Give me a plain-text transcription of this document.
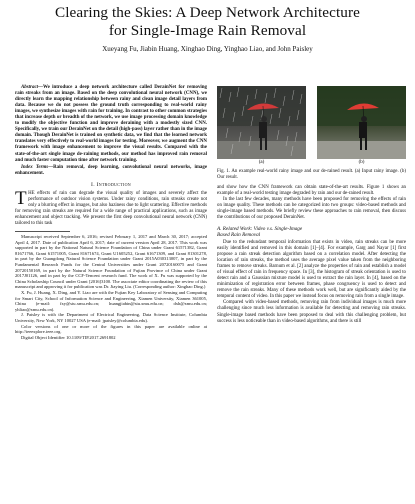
Clearing the Skies: A Deep Network Architecture
for Single-Image Rain Removal
Xueyang Fu, Jiabin Huang, Xinghao Ding, Yinghao Liao, and John Paisley

Abstract—We introduce a deep network architecture called DerainNet for removing rain streaks from an image. Based on the deep convolutional neural network (CNN), we directly learn the mapping relationship between rainy and clean image detail layers from data. Because we do not possess the ground truth corresponding to real-world rainy images, we synthesize images with rain for training. In contrast to other common strategies that increase depth or breadth of the network, we use image processing domain knowledge to modify the objective function and improve deraining with a modestly sized CNN. Specifically, we train our DerainNet on the detail (high-pass) layer rather than in the image domain. Though DerainNet is trained on synthetic data, we find that the learned network translates very effectively to real-world images for testing. Moreover, we augment the CNN framework with image enhancement to improve the visual results. Compared with the state-of-the-art single image de-raining methods, our method has improved rain removal and much faster computation time after network training.

Index Terms—Rain removal, deep learning, convolutional neural networks, image enhancement.

I. Introduction

THE effects of rain can degrade the visual quality of images and severely affect the performance of outdoor vision systems. Under rainy conditions, rain streaks create not only a blurring effect in images, but also haziness due to light scattering. Effective methods for removing rain streaks are required for a wide range of practical applications, such as image enhancement and object tracking. We present the first deep convolutional neural network (CNN) tailored to this task

Manuscript received September 6, 2016; revised February 1, 2017 and March 30, 2017; accepted April 4, 2017. Date of publication April 6, 2017; date of current version April 28, 2017. This work was supported in part by the National Natural Science Foundation of China under Grant 61571382, Grant 81671766, Grant 61571005, Grant 81671674, Grant U1605252, Grant 61671309, and Grant 81301278, in part by the Guangdong Natural Science Foundation under Grant 2015A030313007, in part by the Fundamental Research Funds for the Central Universities under Grant 20720160075 and Grant 20720150169, in part by the Natural Science Foundation of Fujian Province of China under Grant 2017J01126, and in part by the CCF-Tencent research fund. The work of X. Fu was supported by the China Scholarship Council under Grant [2016]3100. The associate editor coordinating the review of this manuscript and approving it for publication was Dr. Jiaying Liu. (Corresponding author: Xinghao Ding.)

X. Fu, J. Huang, X. Ding, and Y. Liao are with the Fujian Key Laboratory of Sensing and Computing for Smart City, School of Information Science and Engineering, Xiamen University, Xiamen 361005, China (e-mail: fxy@stu.xmu.edu.cn; huangjiabin@stu.xmu.edu.cn; dxh@xmu.edu.cn; yhliao@xmu.edu.cn).

J. Paisley is with the Department of Electrical Engineering, Data Science Institute, Columbia University, New York, NY 10027 USA (e-mail: jpaisley@columbia.edu).

Color versions of one or more of the figures in this paper are available online at http://ieeexplore.ieee.org.

Digital Object Identifier 10.1109/TIP.2017.2691802

(a)	(b)
Fig. 1. An example real-world rainy image and our de-rained result. (a) Input rainy image. (b) Our result.

and show how the CNN framework can obtain state-of-the-art results. Figure 1 shows an example of a real-world testing image degraded by rain and our de-rained result.

In the last few decades, many methods have been proposed for removing the effects of rain on image quality. These methods can be categorized into two groups: video-based methods and single-image based methods. We briefly review these approaches to rain removal, then discuss the contributions of our proposed DerainNet.

A. Related Work: Video v.s. Single-Image
Based Rain Removal

Due to the redundant temporal information that exists in video, rain streaks can be more easily identified and removed in this domain [1]–[4]. For example, Garg and Nayar [1] first propose a rain streak detection algorithm based on a correlation model. After detecting the location of rain streaks, the method uses the average pixel value taken from the neighboring frames to remove streaks. Barnum et al. [2] analyze the properties of rain and establish a model of visual effect of rain in frequency space. In [3], the histogram of streak orientation is used to detect rain and a Gaussian mixture model is used to extract the rain layer. In [4], based on the minimization of registration error between frames, phase congruency is used to detect and remove the rain streaks. Many of these methods work well, but are significantly aided by the temporal content of video. In this paper we instead focus on removing rain from a single image.

Compared with video-based methods, removing rain from individual images is much more challenging since much less information is available for detecting and removing rain streaks. Single-image based methods have been proposed to deal with this challenging problem, but success is less noticeable than in video-based algorithms, and there is still
